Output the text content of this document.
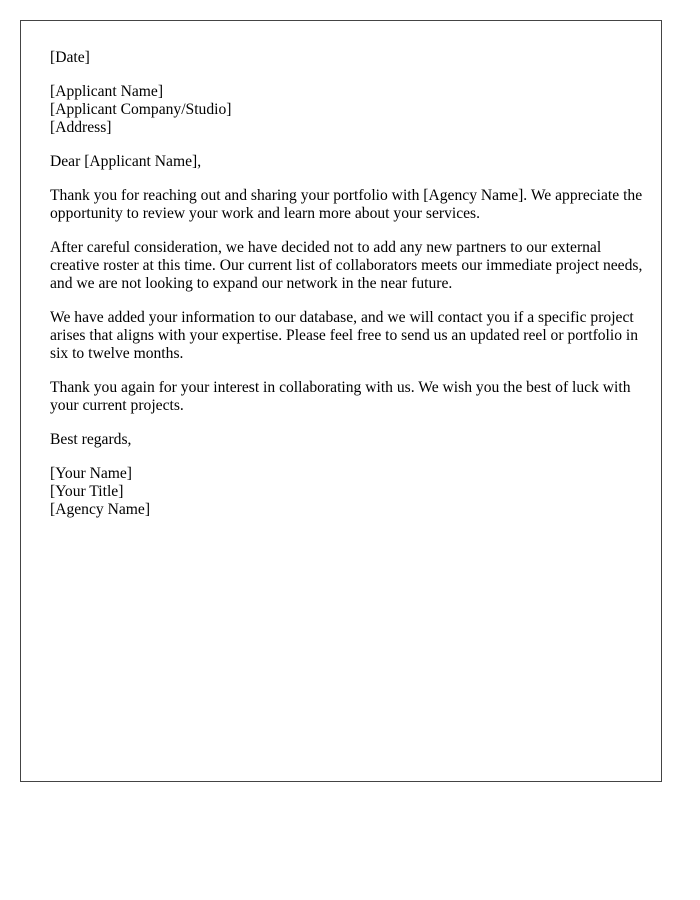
[Date]
[Applicant Name]
[Applicant Company/Studio]
[Address]

Dear [Applicant Name],

Thank you for reaching out and sharing your portfolio with [Agency Name]. We appreciate the opportunity to review your work and learn more about your services.

After careful consideration, we have decided not to add any new partners to our external creative roster at this time. Our current list of collaborators meets our immediate project needs, and we are not looking to expand our network in the near future.

We have added your information to our database, and we will contact you if a specific project arises that aligns with your expertise. Please feel free to send us an updated reel or portfolio in six to twelve months.

Thank you again for your interest in collaborating with us. We wish you the best of luck with your current projects.

Best regards,

[Your Name]
[Your Title]
[Agency Name]
